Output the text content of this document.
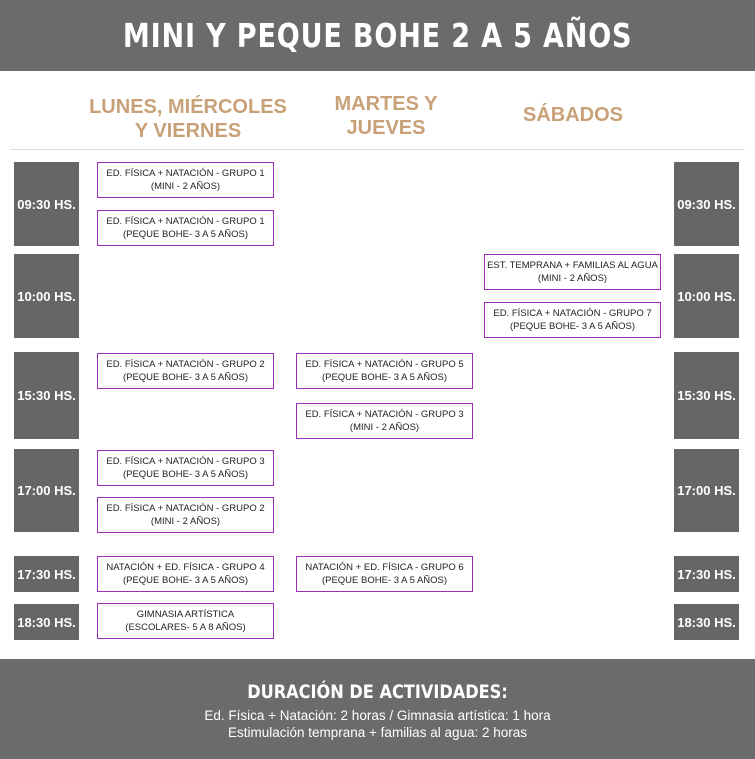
MINI Y PEQUE BOHE 2 A 5 AÑOS
LUNES, MIÉRCOLES
Y VIERNES
MARTES Y
JUEVES
SÁBADOS
09:30 HS.
10:00 HS.
15:30 HS.
17:00 HS.
17:30 HS.
18:30 HS.
09:30 HS.
10:00 HS.
15:30 HS.
17:00 HS.
17:30 HS.
18:30 HS.
ED. FÍSICA + NATACIÓN - GRUPO 1
(MINI - 2 AÑOS)
ED. FÍSICA + NATACIÓN - GRUPO 1
(PEQUE BOHE- 3 A 5 AÑOS)
ED. FÍSICA + NATACIÓN - GRUPO 2
(PEQUE BOHE- 3 A 5 AÑOS)
ED. FÍSICA + NATACIÓN - GRUPO 3
(PEQUE BOHE- 3 A 5 AÑOS)
ED. FÍSICA + NATACIÓN - GRUPO 2
(MINI - 2 AÑOS)
NATACIÓN + ED. FÍSICA - GRUPO 4
(PEQUE BOHE- 3 A 5 AÑOS)
GIMNASIA ARTÍSTICA
(ESCOLARES- 5 A 8 AÑOS)
ED. FÍSICA + NATACIÓN - GRUPO 5
(PEQUE BOHE- 3 A 5 AÑOS)
ED. FÍSICA + NATACIÓN - GRUPO 3
(MINI - 2 AÑOS)
NATACIÓN + ED. FÍSICA - GRUPO 6
(PEQUE BOHE- 3 A 5 AÑOS)
EST. TEMPRANA + FAMILIAS AL AGUA
(MINI - 2 AÑOS)
ED. FÍSICA + NATACIÓN - GRUPO 7
(PEQUE BOHE- 3 A 5 AÑOS)
DURACIÓN DE ACTIVIDADES:
Ed. Física + Natación: 2 horas / Gimnasia artística: 1 hora
Estimulación temprana + familias al agua: 2 horas
